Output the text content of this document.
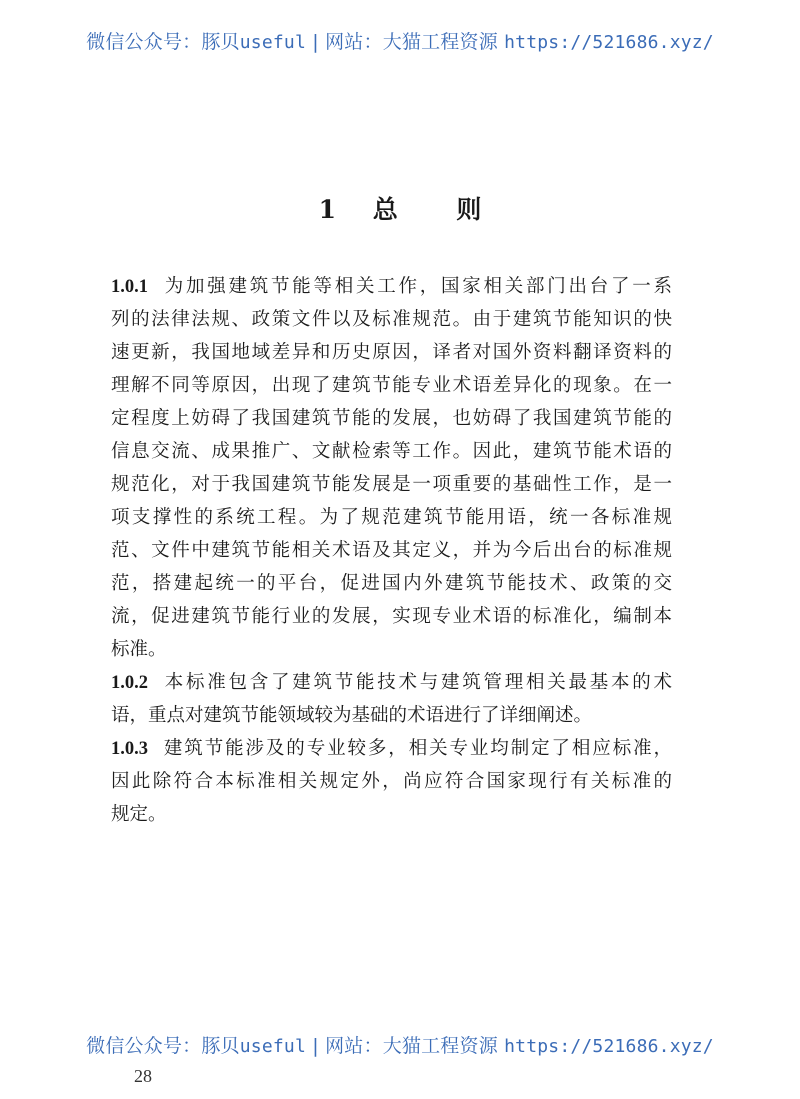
微信公众号：豚贝useful | 网站：大猫工程资源 https://521686.xyz/
1 总 则
1.0.1 为加强建筑节能等相关工作，国家相关部门出台了一系
列的法律法规、政策文件以及标准规范。由于建筑节能知识的快
速更新，我国地域差异和历史原因，译者对国外资料翻译资料的
理解不同等原因，出现了建筑节能专业术语差异化的现象。在一
定程度上妨碍了我国建筑节能的发展，也妨碍了我国建筑节能的
信息交流、成果推广、文献检索等工作。因此，建筑节能术语的
规范化，对于我国建筑节能发展是一项重要的基础性工作，是一
项支撑性的系统工程。为了规范建筑节能用语，统一各标准规
范、文件中建筑节能相关术语及其定义，并为今后出台的标准规
范，搭建起统一的平台，促进国内外建筑节能技术、政策的交
流，促进建筑节能行业的发展，实现专业术语的标准化，编制本
标准。
1.0.2 本标准包含了建筑节能技术与建筑管理相关最基本的术
语，重点对建筑节能领域较为基础的术语进行了详细阐述。
1.0.3 建筑节能涉及的专业较多，相关专业均制定了相应标准，
因此除符合本标准相关规定外，尚应符合国家现行有关标准的
规定。
微信公众号：豚贝useful | 网站：大猫工程资源 https://521686.xyz/
28
